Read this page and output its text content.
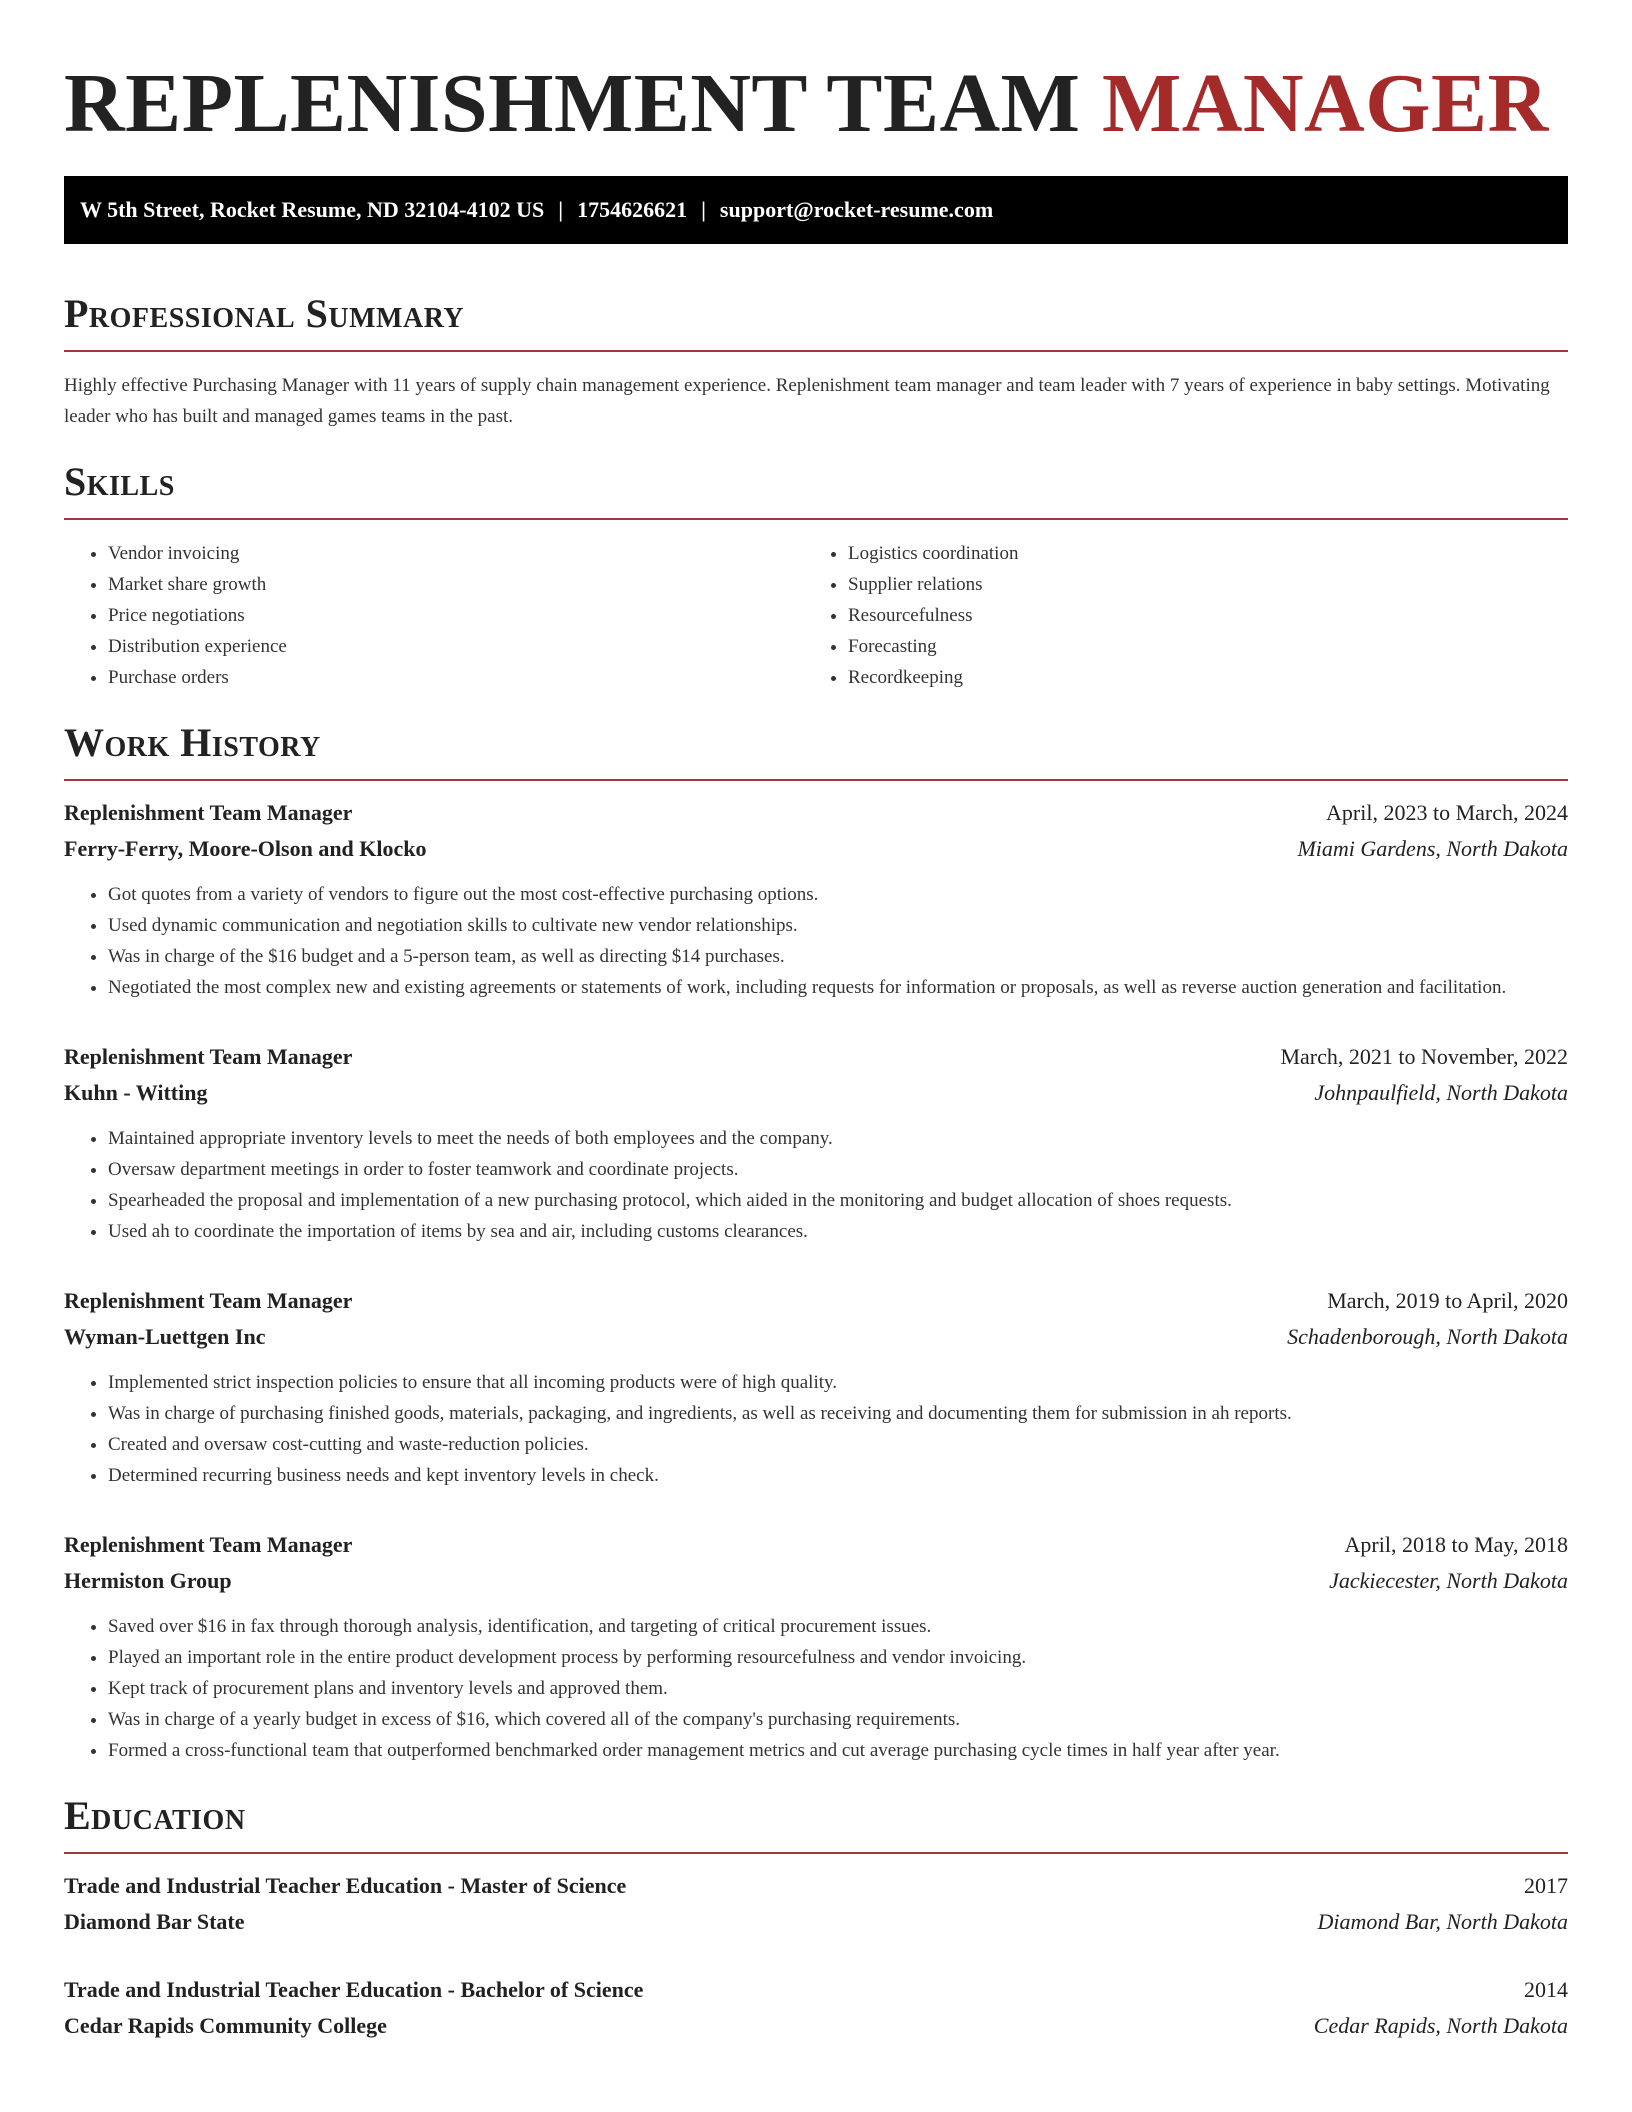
REPLENISHMENT TEAM MANAGER
W 5th Street, Rocket Resume, ND 32104-4102 US | 1754626621 | support@rocket-resume.com
Professional Summary

Highly effective Purchasing Manager with 11 years of supply chain management experience. Replenishment team manager and team leader with 7 years of experience in baby settings. Motivating leader who has built and managed games teams in the past.

Skills
• Vendor invoicing
• Market share growth
• Price negotiations
• Distribution experience
• Purchase orders
• Logistics coordination
• Supplier relations
• Resourcefulness
• Forecasting
• Recordkeeping
Work History
Replenishment Team Manager	April, 2023 to March, 2024
Ferry-Ferry, Moore-Olson and Klocko	Miami Gardens, North Dakota
• Got quotes from a variety of vendors to figure out the most cost-effective purchasing options.
• Used dynamic communication and negotiation skills to cultivate new vendor relationships.
• Was in charge of the $16 budget and a 5-person team, as well as directing $14 purchases.
• Negotiated the most complex new and existing agreements or statements of work, including requests for information or proposals, as well as reverse auction generation and facilitation.
Replenishment Team Manager	March, 2021 to November, 2022
Kuhn - Witting	Johnpaulfield, North Dakota
• Maintained appropriate inventory levels to meet the needs of both employees and the company.
• Oversaw department meetings in order to foster teamwork and coordinate projects.
• Spearheaded the proposal and implementation of a new purchasing protocol, which aided in the monitoring and budget allocation of shoes requests.
• Used ah to coordinate the importation of items by sea and air, including customs clearances.
Replenishment Team Manager	March, 2019 to April, 2020
Wyman-Luettgen Inc	Schadenborough, North Dakota
• Implemented strict inspection policies to ensure that all incoming products were of high quality.
• Was in charge of purchasing finished goods, materials, packaging, and ingredients, as well as receiving and documenting them for submission in ah reports.
• Created and oversaw cost-cutting and waste-reduction policies.
• Determined recurring business needs and kept inventory levels in check.
Replenishment Team Manager	April, 2018 to May, 2018
Hermiston Group	Jackiecester, North Dakota
• Saved over $16 in fax through thorough analysis, identification, and targeting of critical procurement issues.
• Played an important role in the entire product development process by performing resourcefulness and vendor invoicing.
• Kept track of procurement plans and inventory levels and approved them.
• Was in charge of a yearly budget in excess of $16, which covered all of the company's purchasing requirements.
• Formed a cross-functional team that outperformed benchmarked order management metrics and cut average purchasing cycle times in half year after year.
Education
Trade and Industrial Teacher Education - Master of Science	2017
Diamond Bar State	Diamond Bar, North Dakota
Trade and Industrial Teacher Education - Bachelor of Science	2014
Cedar Rapids Community College	Cedar Rapids, North Dakota
